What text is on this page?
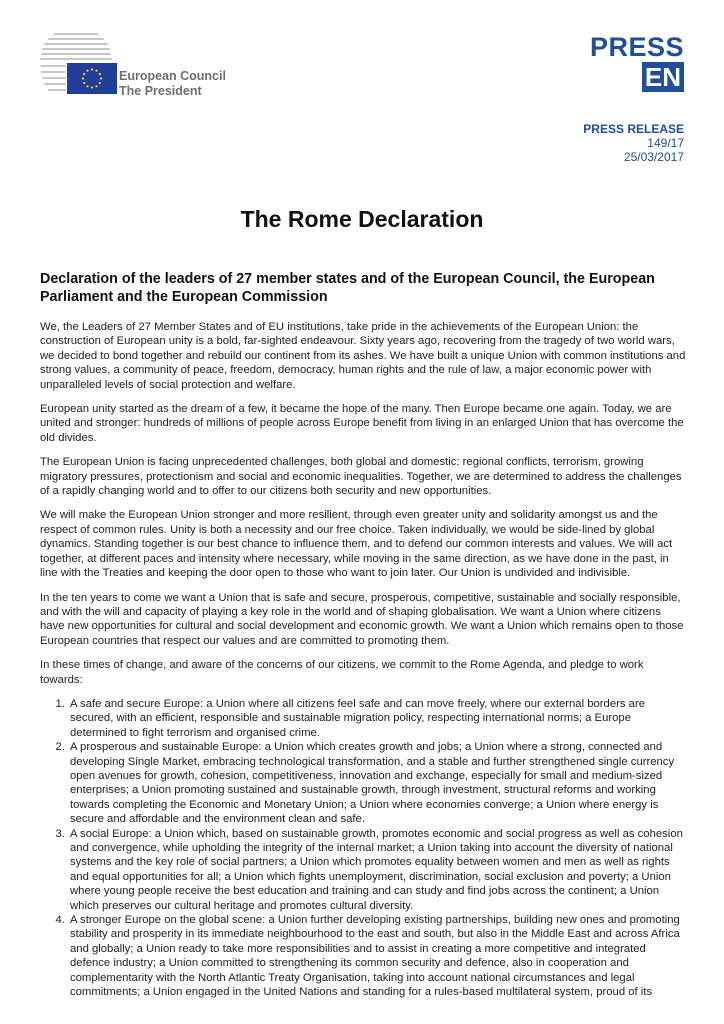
European Council
The President
PRESS
EN
PRESS RELEASE
149/17
25/03/2017
The Rome Declaration
Declaration of the leaders of 27 member states and of the European Council, the European Parliament and the European Commission

We, the Leaders of 27 Member States and of EU institutions, take pride in the achievements of the European Union: the construction of European unity is a bold, far-sighted endeavour. Sixty years ago, recovering from the tragedy of two world wars, we decided to bond together and rebuild our continent from its ashes. We have built a unique Union with common institutions and strong values, a community of peace, freedom, democracy, human rights and the rule of law, a major economic power with unparalleled levels of social protection and welfare.

European unity started as the dream of a few, it became the hope of the many. Then Europe became one again. Today, we are united and stronger: hundreds of millions of people across Europe benefit from living in an enlarged Union that has overcome the old divides.

The European Union is facing unprecedented challenges, both global and domestic: regional conflicts, terrorism, growing migratory pressures, protectionism and social and economic inequalities. Together, we are determined to address the challenges of a rapidly changing world and to offer to our citizens both security and new opportunities.

We will make the European Union stronger and more resilient, through even greater unity and solidarity amongst us and the respect of common rules. Unity is both a necessity and our free choice. Taken individually, we would be side-lined by global dynamics. Standing together is our best chance to influence them, and to defend our common interests and values. We will act together, at different paces and intensity where necessary, while moving in the same direction, as we have done in the past, in line with the Treaties and keeping the door open to those who want to join later. Our Union is undivided and indivisible.

In the ten years to come we want a Union that is safe and secure, prosperous, competitive, sustainable and socially responsible, and with the will and capacity of playing a key role in the world and of shaping globalisation. We want a Union where citizens have new opportunities for cultural and social development and economic growth. We want a Union which remains open to those European countries that respect our values and are committed to promoting them.

In these times of change, and aware of the concerns of our citizens, we commit to the Rome Agenda, and pledge to work towards:

1. A safe and secure Europe: a Union where all citizens feel safe and can move freely, where our external borders are secured, with an efficient, responsible and sustainable migration policy, respecting international norms; a Europe determined to fight terrorism and organised crime.
2. A prosperous and sustainable Europe: a Union which creates growth and jobs; a Union where a strong, connected and developing Single Market, embracing technological transformation, and a stable and further strengthened single currency open avenues for growth, cohesion, competitiveness, innovation and exchange, especially for small and medium-sized enterprises; a Union promoting sustained and sustainable growth, through investment, structural reforms and working towards completing the Economic and Monetary Union; a Union where economies converge; a Union where energy is secure and affordable and the environment clean and safe.
3. A social Europe: a Union which, based on sustainable growth, promotes economic and social progress as well as cohesion and convergence, while upholding the integrity of the internal market; a Union taking into account the diversity of national systems and the key role of social partners; a Union which promotes equality between women and men as well as rights and equal opportunities for all; a Union which fights unemployment, discrimination, social exclusion and poverty; a Union where young people receive the best education and training and can study and find jobs across the continent; a Union which preserves our cultural heritage and promotes cultural diversity.
4. A stronger Europe on the global scene: a Union further developing existing partnerships, building new ones and promoting stability and prosperity in its immediate neighbourhood to the east and south, but also in the Middle East and across Africa and globally; a Union ready to take more responsibilities and to assist in creating a more competitive and integrated defence industry; a Union committed to strengthening its common security and defence, also in cooperation and complementarity with the North Atlantic Treaty Organisation, taking into account national circumstances and legal commitments; a Union engaged in the United Nations and standing for a rules-based multilateral system, proud of its
